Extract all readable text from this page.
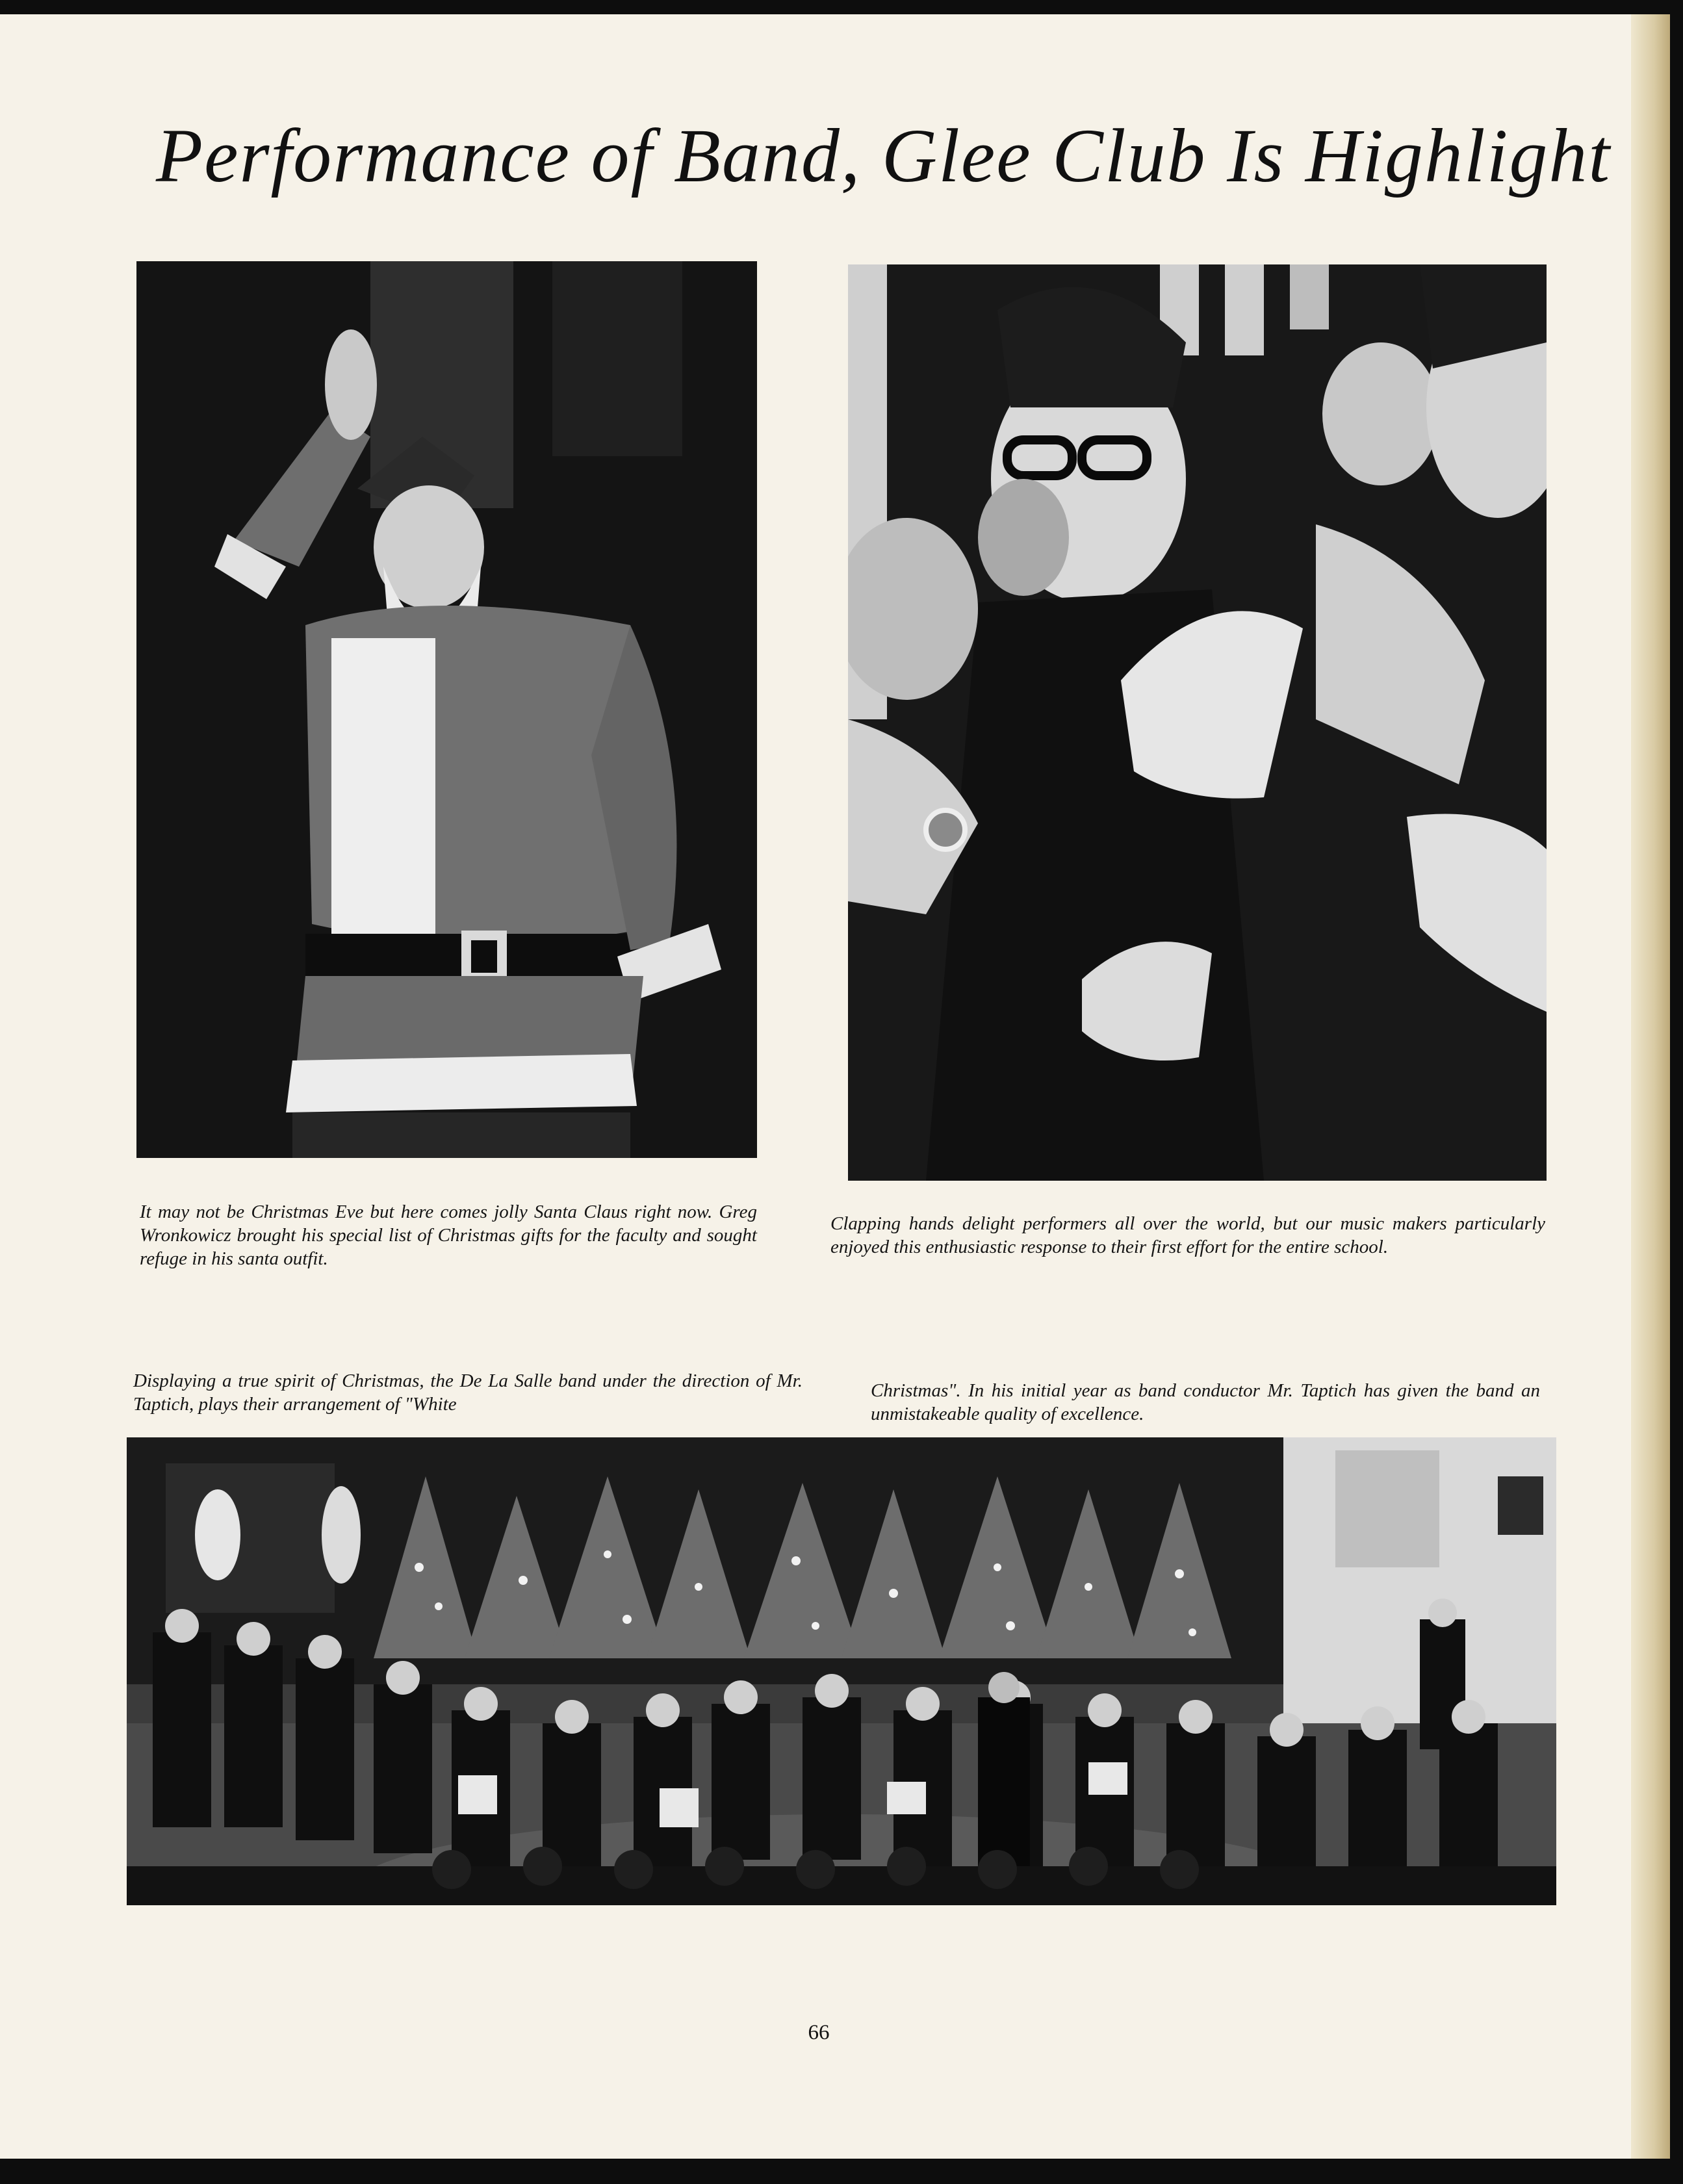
Performance of Band, Glee Club Is Highlight

It may not be Christmas Eve but here comes jolly Santa Claus right now. Greg Wronkowicz brought his special list of Christmas gifts for the faculty and sought refuge in his santa outfit.

Clapping hands delight performers all over the world, but our music makers particularly enjoyed this enthusiastic response to their first effort for the entire school.

Displaying a true spirit of Christmas, the De La Salle band under the direction of Mr. Taptich, plays their arrangement of "White

Christmas". In his initial year as band conductor Mr. Taptich has given the band an unmistakeable quality of excellence.

66
